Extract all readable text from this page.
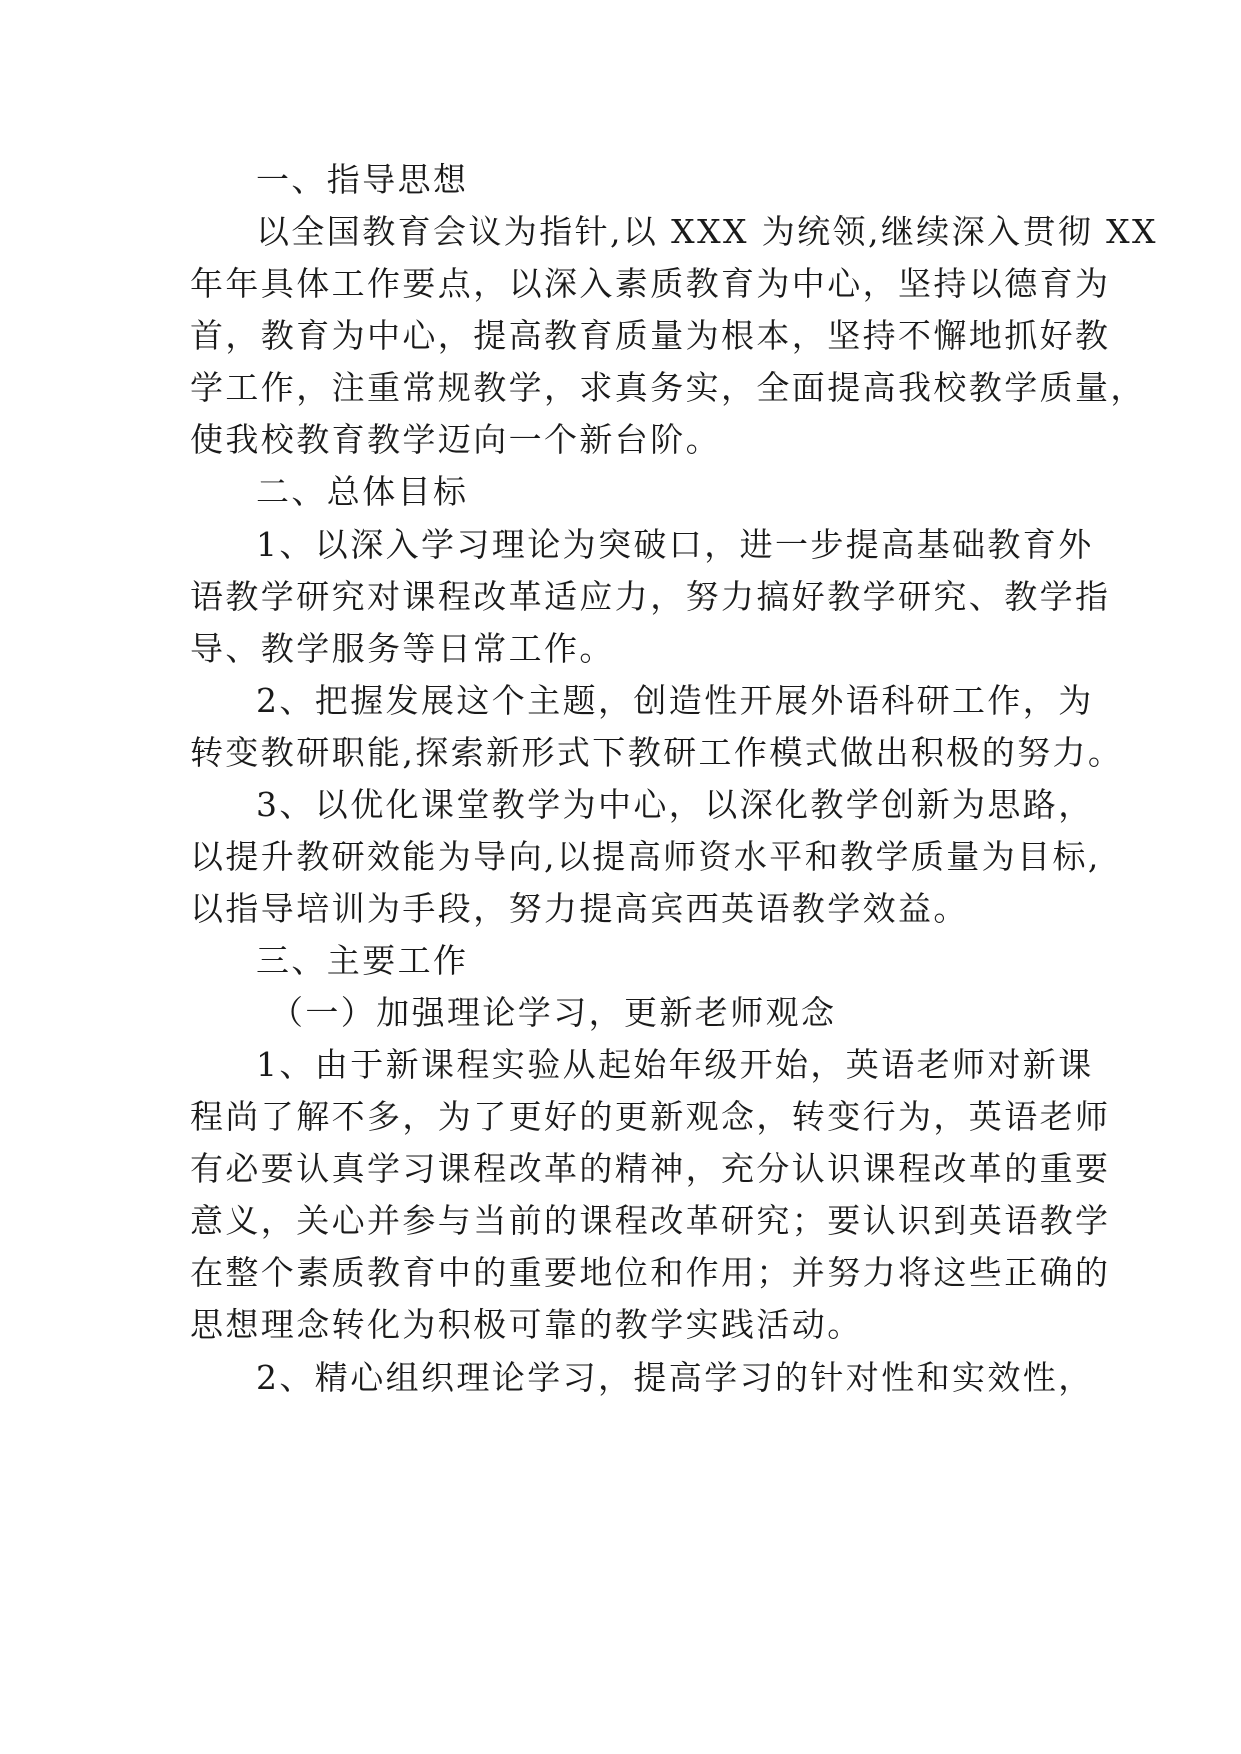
一、指导思想
以全国教育会议为指针,以 XXX 为统领,继续深入贯彻 XX
年年具体工作要点，以深入素质教育为中心，坚持以德育为
首，教育为中心，提高教育质量为根本，坚持不懈地抓好教
学工作，注重常规教学，求真务实，全面提高我校教学质量，
使我校教育教学迈向一个新台阶。
二、总体目标
1、以深入学习理论为突破口，进一步提高基础教育外
语教学研究对课程改革适应力，努力搞好教学研究、教学指
导、教学服务等日常工作。
2、把握发展这个主题，创造性开展外语科研工作，为
转变教研职能,探索新形式下教研工作模式做出积极的努力。
3、以优化课堂教学为中心，以深化教学创新为思路，
以提升教研效能为导向,以提高师资水平和教学质量为目标,
以指导培训为手段，努力提高宾西英语教学效益。
三、主要工作
（一）加强理论学习，更新老师观念
1、由于新课程实验从起始年级开始，英语老师对新课
程尚了解不多，为了更好的更新观念，转变行为，英语老师
有必要认真学习课程改革的精神，充分认识课程改革的重要
意义，关心并参与当前的课程改革研究；要认识到英语教学
在整个素质教育中的重要地位和作用；并努力将这些正确的
思想理念转化为积极可靠的教学实践活动。
2、精心组织理论学习，提高学习的针对性和实效性，
